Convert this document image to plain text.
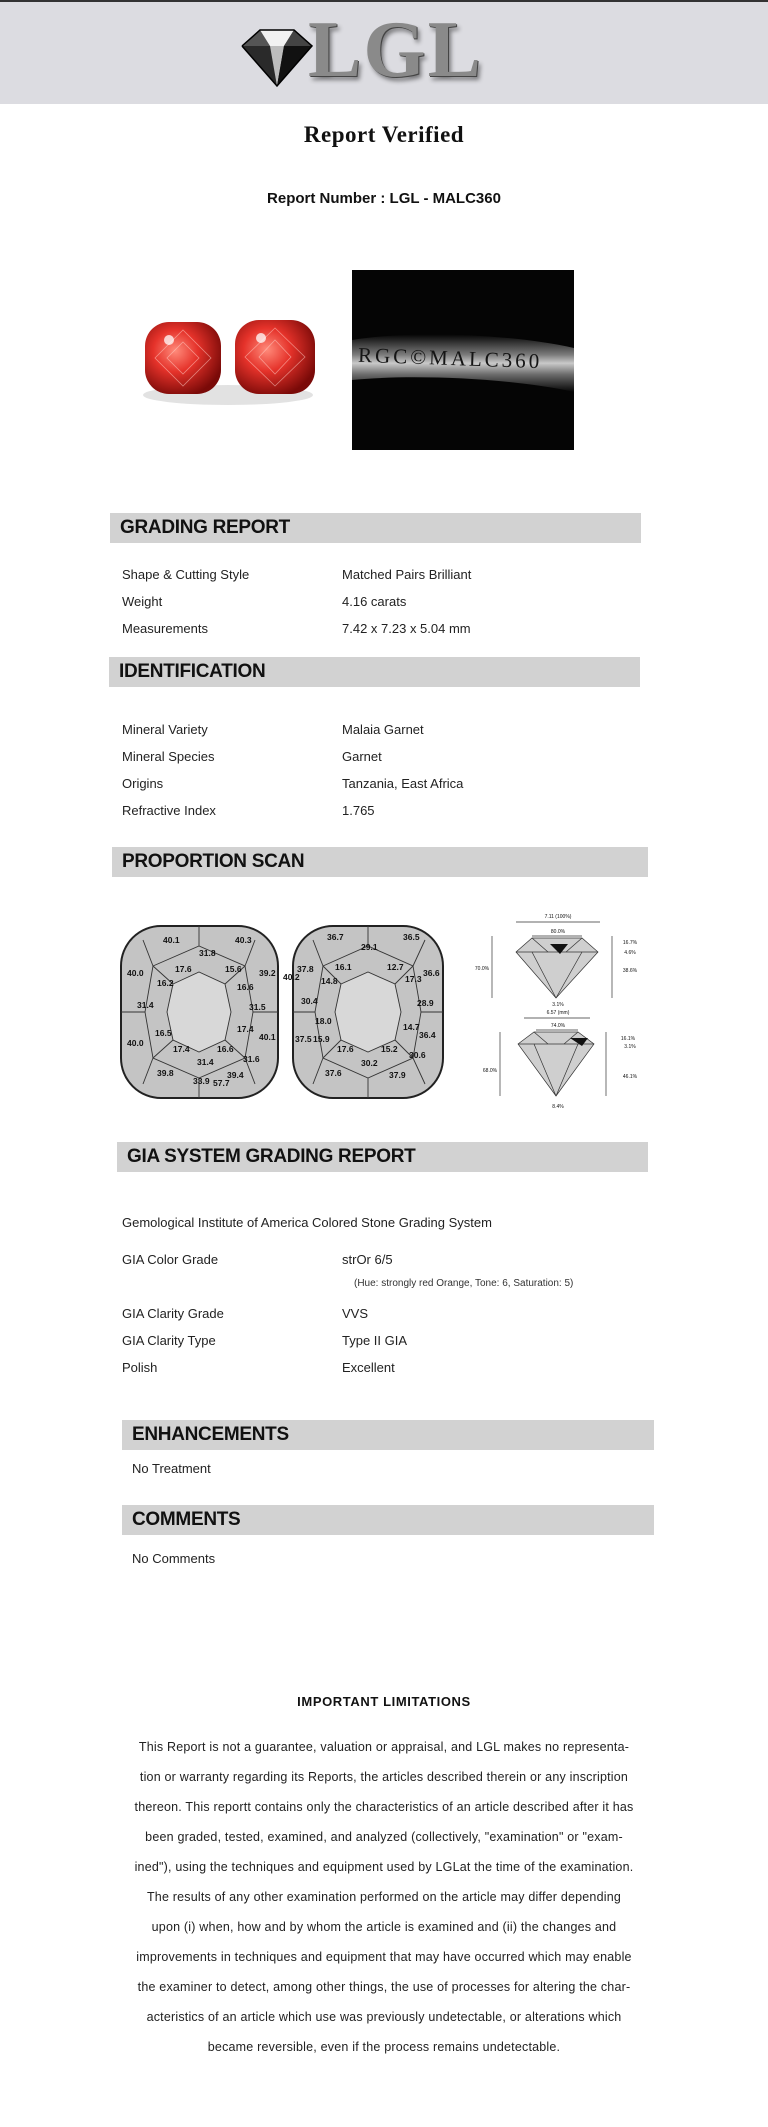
LGL
Report Verified
Report Number : LGL - MALC360
RGC©MALC360
GRADING REPORT
Shape & Cutting Style	Matched Pairs Brilliant
Weight	4.16 carats
Measurements	7.42 x 7.23 x 5.04 mm
IDENTIFICATION
Mineral Variety	Malaia Garnet
Mineral Species	Garnet
Origins	Tanzania, East Africa
Refractive Index	1.765
PROPORTION SCAN
40.1
31.8
40.3
17.6	15.6
40.0
16.2	16.6
39.2
31.4	31.5
16.5	17.4
40.1
40.0
17.4	16.6
31.4	31.6
39.8
33.9
39.4
57.7
36.7
29.1
36.5
16.1	12.7
37.8
40.2	14.8	17.3
36.6
30.4	28.9
18.0
14.7
37.5 15.9
17.6	15.2
36.4
30.2
30.6
37.6	37.9
7.11 (100%)
80.0%
16.7%
4.6%
38.6%
70.0%
3.1%
6.57 (mm)
74.0%
16.1%
3.1%
68.0%
46.1%
8.4%
GIA SYSTEM GRADING REPORT
Gemological Institute of America Colored Stone Grading System
GIA Color Grade	strOr 6/5
(Hue: strongly red Orange, Tone: 6, Saturation: 5)
GIA Clarity Grade	VVS
GIA Clarity Type	Type II GIA
Polish	Excellent
ENHANCEMENTS
No Treatment
COMMENTS
No Comments
IMPORTANT LIMITATIONS
This Report is not a guarantee, valuation or appraisal, and LGL makes no representa-
tion or warranty regarding its Reports, the articles described therein or any inscription
thereon. This reportt contains only the characteristics of an article described after it has
been graded, tested, examined, and analyzed (collectively, "examination" or "exam-
ined"), using the techniques and equipment used by LGLat the time of the examination.
The results of any other examination performed on the article may differ depending
upon (i) when, how and by whom the article is examined and (ii) the changes and
improvements in techniques and equipment that may have occurred which may enable
the examiner to detect, among other things, the use of processes for altering the char-
acteristics of an article which use was previously undetectable, or alterations which
became reversible, even if the process remains undetectable.
